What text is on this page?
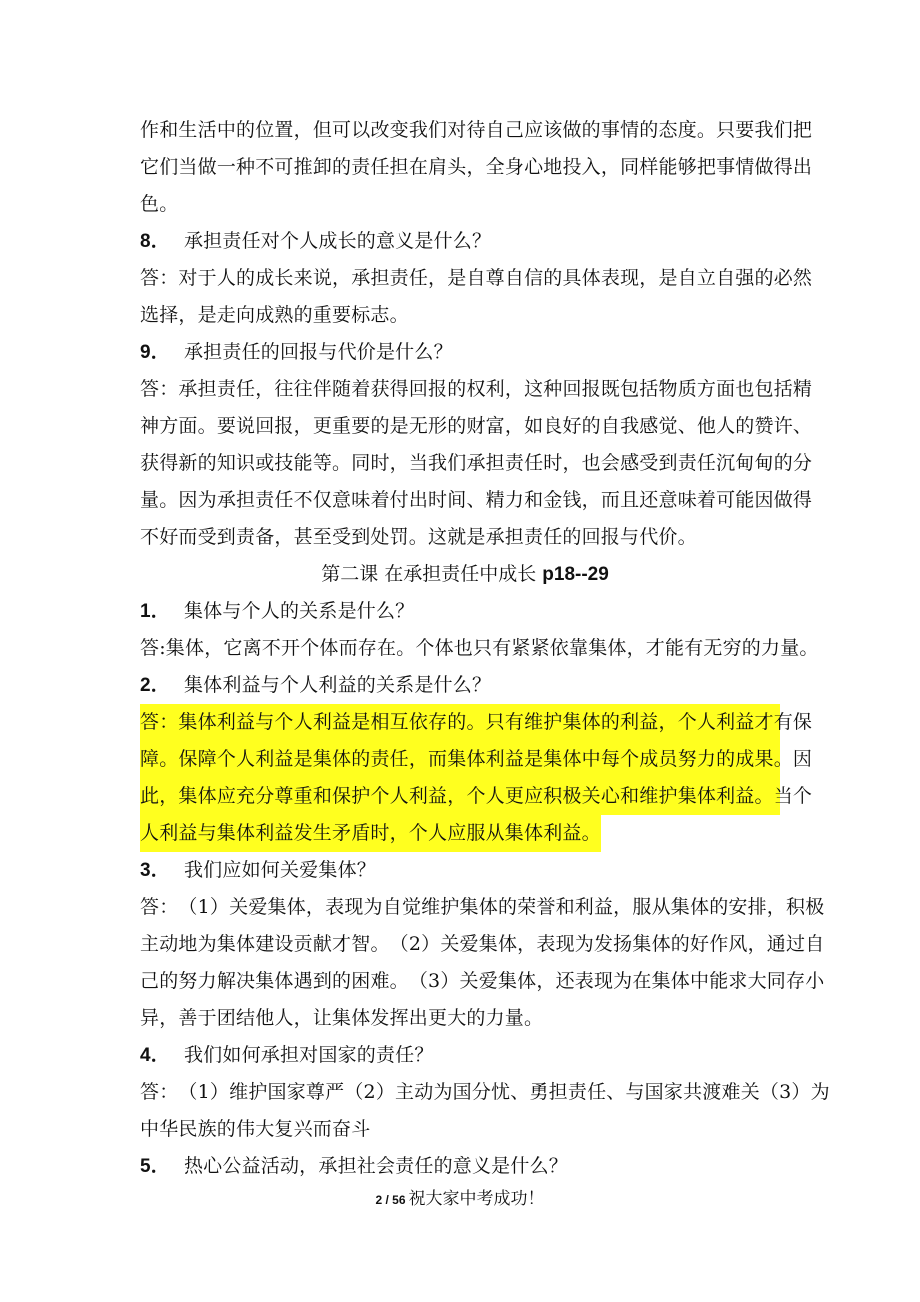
作 和 生 活 中 的 位 置 ， 但 可 以 改 变 我 们 对 待 自 己 应 该 做 的 事 情 的 态 度 。 只 要 我 们 把
它 们 当 做 一 种 不 可 推 卸 的 责 任 担 在 肩 头 ， 全 身 心 地 投 入 ， 同 样 能 够 把 事 情 做 得 出
色。
8． 承担责任对个人成长的意义是什么？
答 ： 对 于 人 的 成 长 来 说 ， 承 担 责 任 ， 是 自 尊 自 信 的 具 体 表 现 ， 是 自 立 自 强 的 必 然
选择，是走向成熟的重要标志。
9． 承担责任的回报与代价是什么？
答 ： 承 担 责 任 ， 往 往 伴 随 着 获 得 回 报 的 权 利 ， 这 种 回 报 既 包 括 物 质 方 面 也 包 括 精
神 方 面 。 要 说 回 报 ， 更 重 要 的 是 无 形 的 财 富 ， 如 良 好 的 自 我 感 觉 、 他 人 的 赞 许 、
获 得 新 的 知 识 或 技 能 等 。 同 时 ， 当 我 们 承 担 责 任 时 ， 也 会 感 受 到 责 任 沉 甸 甸 的 分
量 。 因 为 承 担 责 任 不 仅 意 味 着 付 出 时 间 、 精 力 和 金 钱 ， 而 且 还 意 味 着 可 能 因 做 得
不好而受到责备，甚至受到处罚。这就是承担责任的回报与代价。
第二课 在承担责任中成长 p18--29
1． 集体与个人的关系是什么？
答:集体，它离不开个体而存在。个体也只有紧紧依靠集体，才能有无穷的力量。
2． 集体利益与个人利益的关系是什么？
答：集体利益与个人利益是相互依存的。只有维护集体的利益，个人利益才有保 障。保障个人利益是集体的责任，而集体利益是集体中每个成员努力的成果。因 此，集体应充分尊重和保护个人利益，个人更应积极关心和维护集体利益。当个
人利益与集体利益发生矛盾时，个人应服从集体利益。
3． 我们应如何关爱集体？
答 ： （ 1 ） 关 爱 集 体 ， 表 现 为 自 觉 维 护 集 体 的 荣 誉 和 利 益 ， 服 从 集 体 的 安 排 ， 积 极
主 动 地 为 集 体 建 设 贡 献 才 智 。 （ 2 ） 关 爱 集 体 ， 表 现 为 发 扬 集 体 的 好 作 风 ， 通 过 自
己 的 努 力 解 决 集 体 遇 到 的 困 难 。 （ 3 ） 关 爱 集 体 ， 还 表 现 为 在 集 体 中 能 求 大 同 存 小
异，善于团结他人，让集体发挥出更大的力量。
4． 我们如何承担对国家的责任？
答 ： （ 1 ） 维 护 国 家 尊 严 （ 2 ） 主 动 为 国 分 忧 、 勇 担 责 任 、 与 国 家 共 渡 难 关 （ 3 ） 为
中华民族的伟大复兴而奋斗
5． 热心公益活动，承担社会责任的意义是什么？
2 / 56 祝大家中考成功！
